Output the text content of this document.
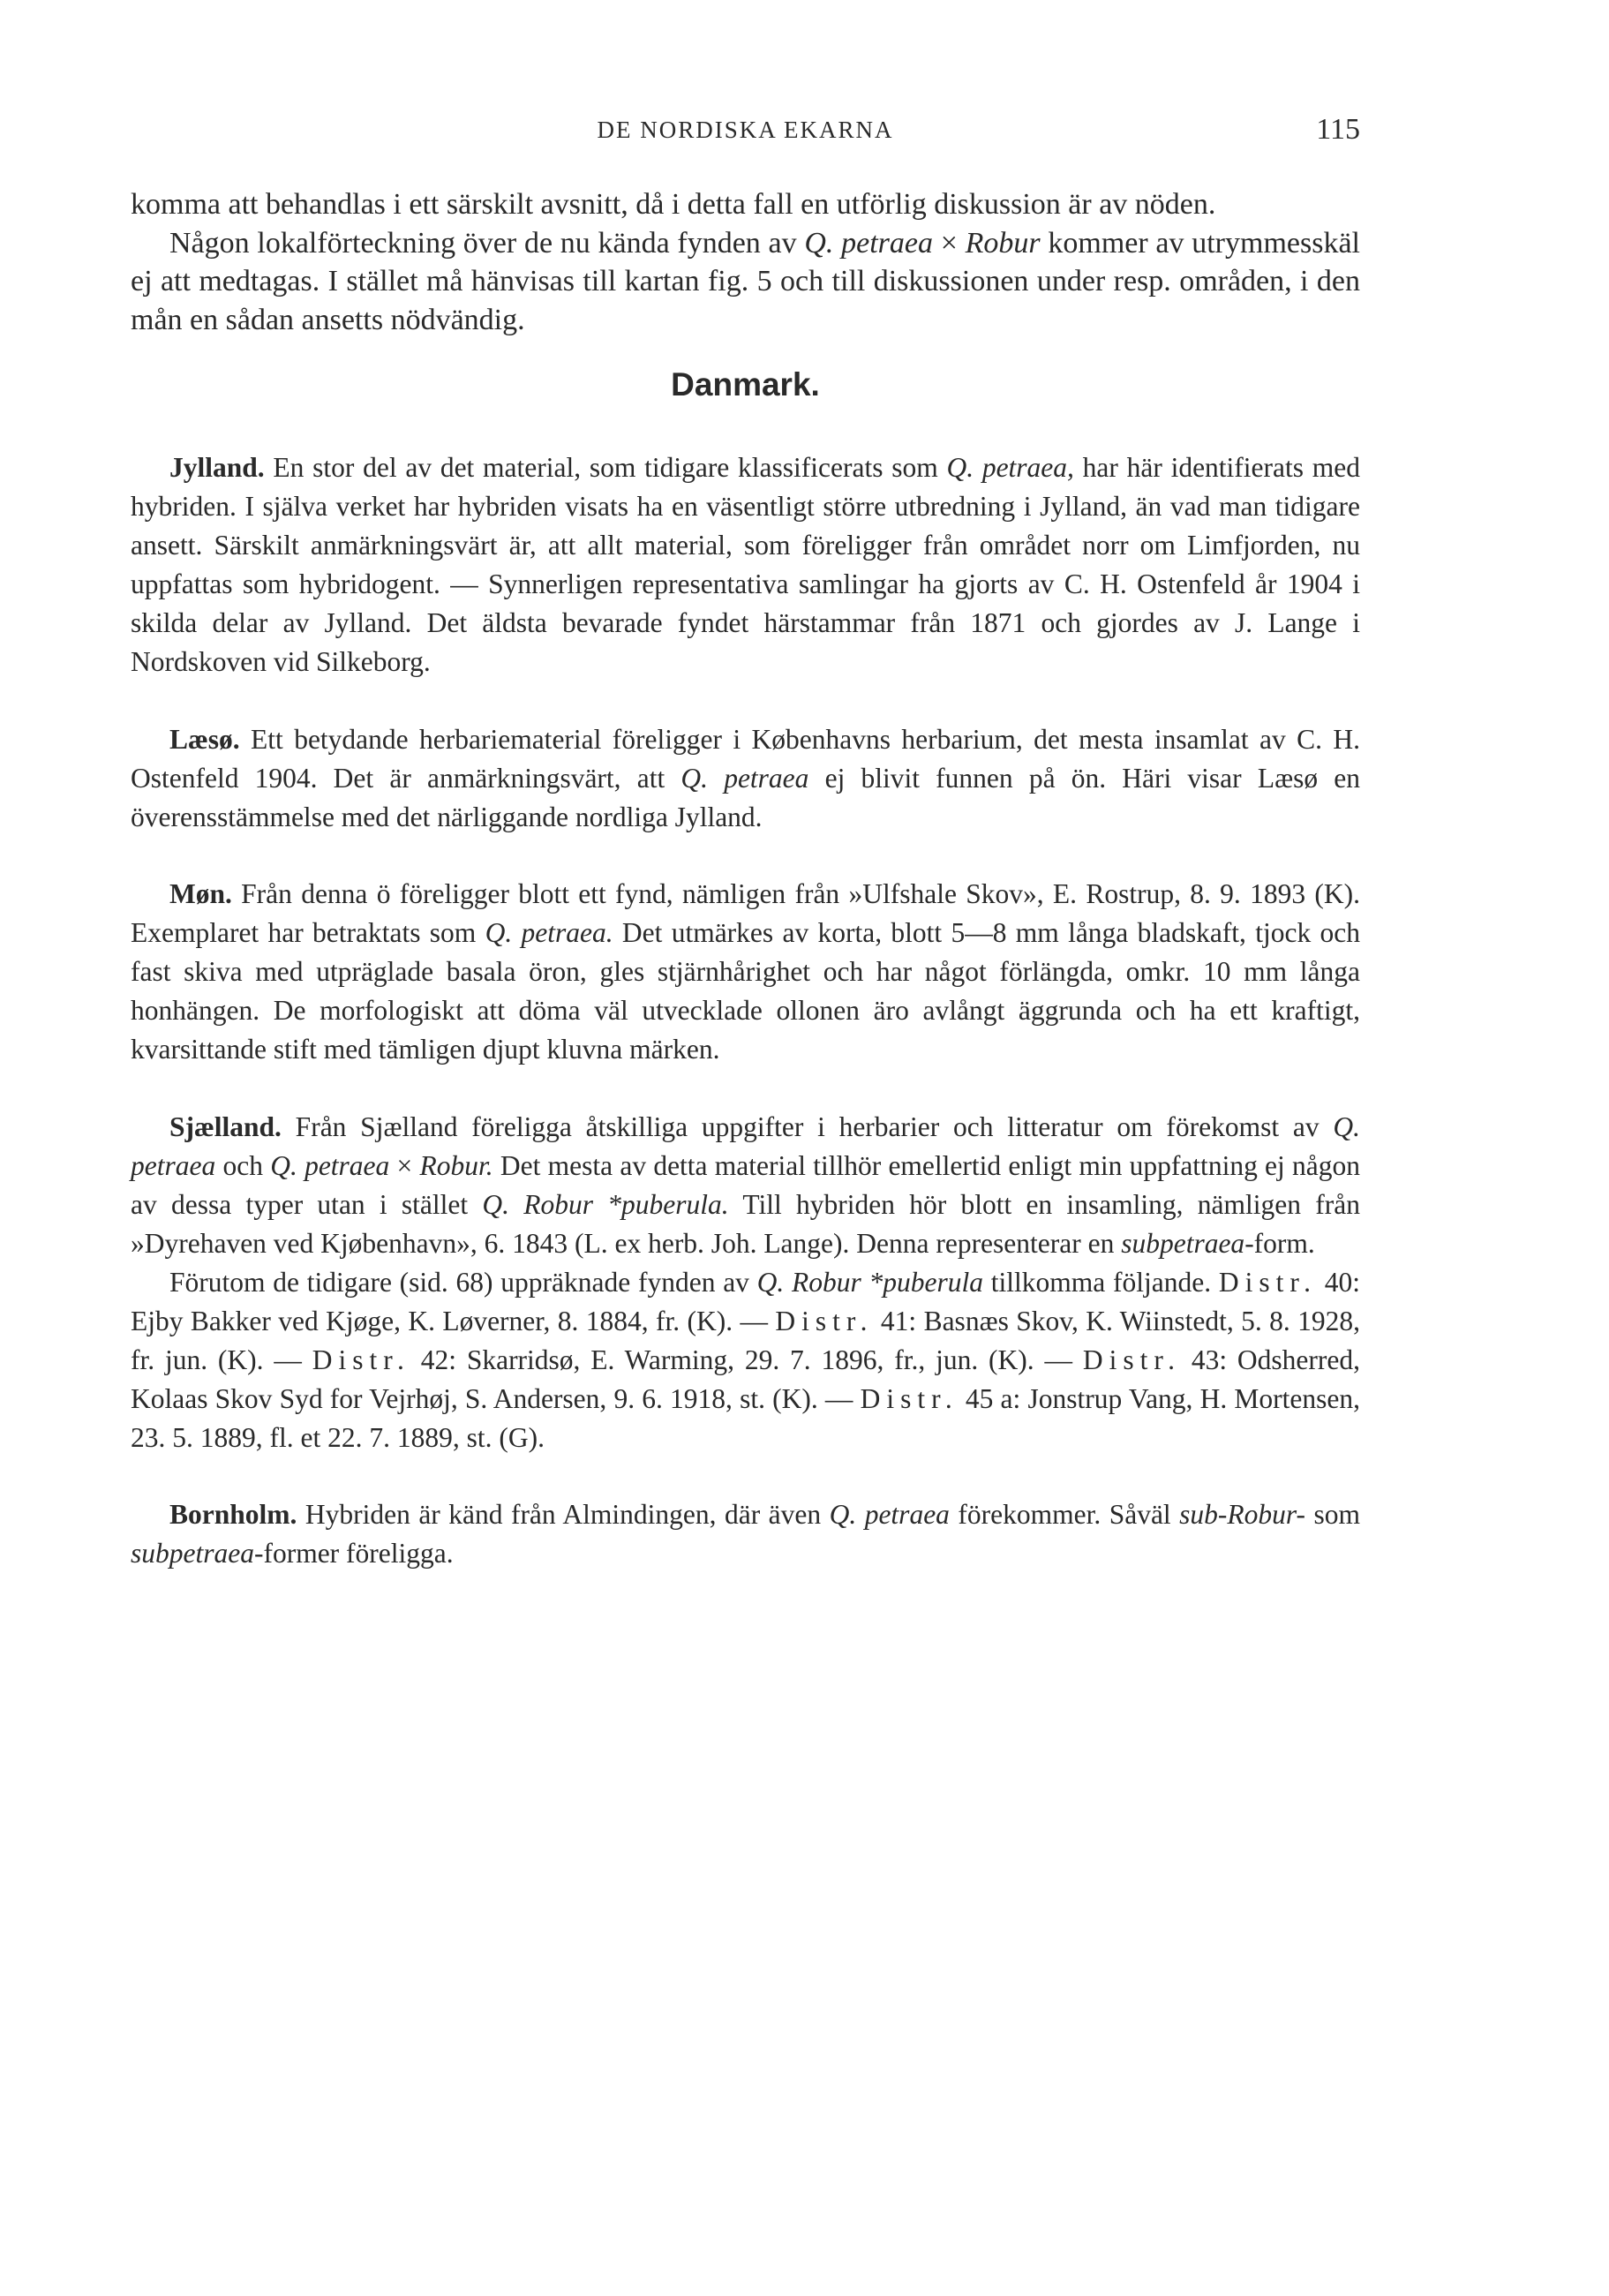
DE NORDISKA EKARNA	115

komma att behandlas i ett särskilt avsnitt, då i detta fall en utförlig diskussion är av nöden.

Någon lokalförteckning över de nu kända fynden av Q. petraea × Robur kommer av utrymmesskäl ej att medtagas. I stället må hänvisas till kartan fig. 5 och till diskussionen under resp. områden, i den mån en sådan ansetts nödvändig.

Danmark.

Jylland. En stor del av det material, som tidigare klassificerats som Q. petraea, har här identifierats med hybriden. I själva verket har hybriden visats ha en väsentligt större utbredning i Jylland, än vad man tidigare ansett. Särskilt anmärkningsvärt är, att allt material, som föreligger från området norr om Limfjorden, nu uppfattas som hybridogent. — Synnerligen representativa samlingar ha gjorts av C. H. Ostenfeld år 1904 i skilda delar av Jylland. Det äldsta bevarade fyndet härstammar från 1871 och gjordes av J. Lange i Nordskoven vid Silkeborg.

Læsø. Ett betydande herbariematerial föreligger i Københavns herbarium, det mesta insamlat av C. H. Ostenfeld 1904. Det är anmärkningsvärt, att Q. petraea ej blivit funnen på ön. Häri visar Læsø en överensstämmelse med det närliggande nordliga Jylland.

Møn. Från denna ö föreligger blott ett fynd, nämligen från »Ulfshale Skov», E. Rostrup, 8. 9. 1893 (K). Exemplaret har betraktats som Q. petraea. Det utmärkes av korta, blott 5—8 mm långa bladskaft, tjock och fast skiva med utpräglade basala öron, gles stjärnhårighet och har något förlängda, omkr. 10 mm långa honhängen. De morfologiskt att döma väl utvecklade ollonen äro avlångt äggrunda och ha ett kraftigt, kvarsittande stift med tämligen djupt kluvna märken.

Sjælland. Från Sjælland föreligga åtskilliga uppgifter i herbarier och litteratur om förekomst av Q. petraea och Q. petraea × Robur. Det mesta av detta material tillhör emellertid enligt min uppfattning ej någon av dessa typer utan i stället Q. Robur *puberula. Till hybriden hör blott en insamling, nämligen från »Dyrehaven ved Kjøbenhavn», 6. 1843 (L. ex herb. Joh. Lange). Denna representerar en subpetraea-form.

Förutom de tidigare (sid. 68) uppräknade fynden av Q. Robur *puberula tillkomma följande. Distr. 40: Ejby Bakker ved Kjøge, K. Løverner, 8. 1884, fr. (K). — Distr. 41: Basnæs Skov, K. Wiinstedt, 5. 8. 1928, fr. jun. (K). — Distr. 42: Skarridsø, E. Warming, 29. 7. 1896, fr., jun. (K). — Distr. 43: Odsherred, Kolaas Skov Syd for Vejrhøj, S. Andersen, 9. 6. 1918, st. (K). — Distr. 45 a: Jonstrup Vang, H. Mortensen, 23. 5. 1889, fl. et 22. 7. 1889, st. (G).

Bornholm. Hybriden är känd från Almindingen, där även Q. petraea förekommer. Såväl sub-Robur- som subpetraea-former föreligga.
